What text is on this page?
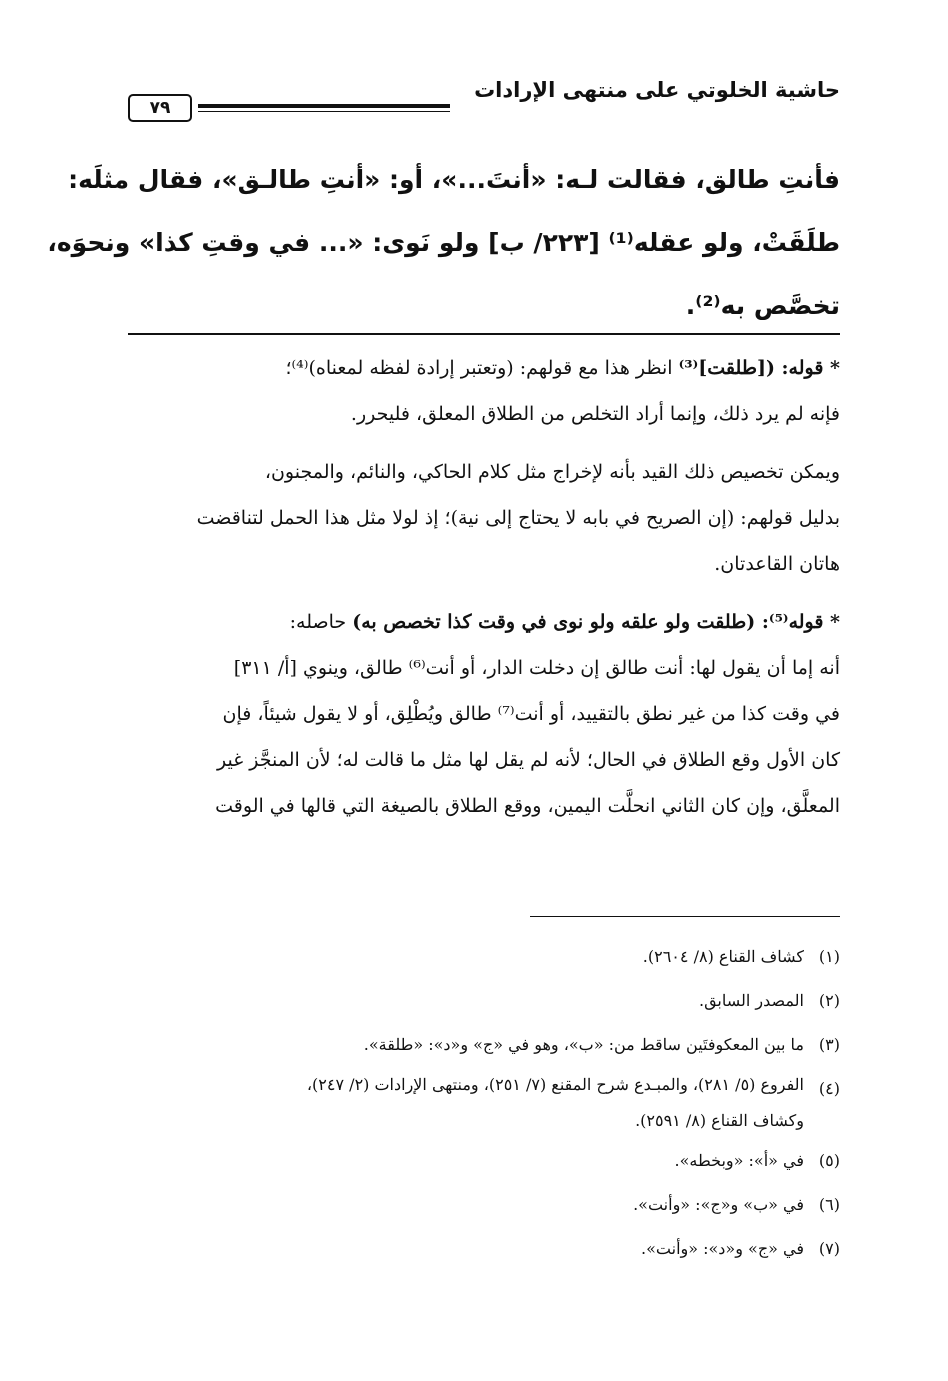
حاشية الخلوتي على منتهى الإرادات
٧٩
فأنتِ طالق، فقالت لـه: «أنتَ...»، أو: «أنتِ طالـق»، فقال مثلَه:
طلَقَتْ، ولو عقله⁽¹⁾ [٢٢٣/ ب] ولو نَوى: «... في وقتِ كذا» ونحوَه،
تخصَّص به⁽²⁾.

* قوله: ([طلقت]⁽³⁾ انظر هذا مع قولهم: (وتعتبر إرادة لفظه لمعناه)⁽⁴⁾؛
فإنه لم يرد ذلك، وإنما أراد التخلص من الطلاق المعلق، فليحرر.

ويمكن تخصيص ذلك القيد بأنه لإخراج مثل كلام الحاكي، والنائم، والمجنون،
بدليل قولهم: (إن الصريح في بابه لا يحتاج إلى نية)؛ إذ لولا مثل هذا الحمل لتناقضت
هاتان القاعدتان.

* قوله⁽⁵⁾: (طلقت ولو علقه ولو نوى في وقت كذا تخصص به) حاصله:
أنه إما أن يقول لها: أنت طالق إن دخلت الدار، أو أنت⁽⁶⁾ طالق، وينوي [أ/ ٣١١]
في وقت كذا من غير نطق بالتقييد، أو أنت⁽⁷⁾ طالق ويُطْلِق، أو لا يقول شيئاً، فإن
كان الأول وقع الطلاق في الحال؛ لأنه لم يقل لها مثل ما قالت له؛ لأن المنجَّز غير
المعلَّق، وإن كان الثاني انحلَّت اليمين، ووقع الطلاق بالصيغة التي قالها في الوقت

(١)
كشاف القناع (٨/ ٢٦٠٤).
(٢)
المصدر السابق.
(٣)
ما بين المعكوفتَين ساقط من: «ب»، وهو في «ج» و«د»: «طلقة».
(٤)
الفروع (٥/ ٢٨١)، والمبـدع شرح المقنع (٧/ ٢٥١)، ومنتهى الإرادات (٢/ ٢٤٧)،
وكشاف القناع (٨/ ٢٥٩١).
(٥)
في «أ»: «وبخطه».
(٦)
في «ب» و«ج»: «وأنت».
(٧)
في «ج» و«د»: «وأنت».
